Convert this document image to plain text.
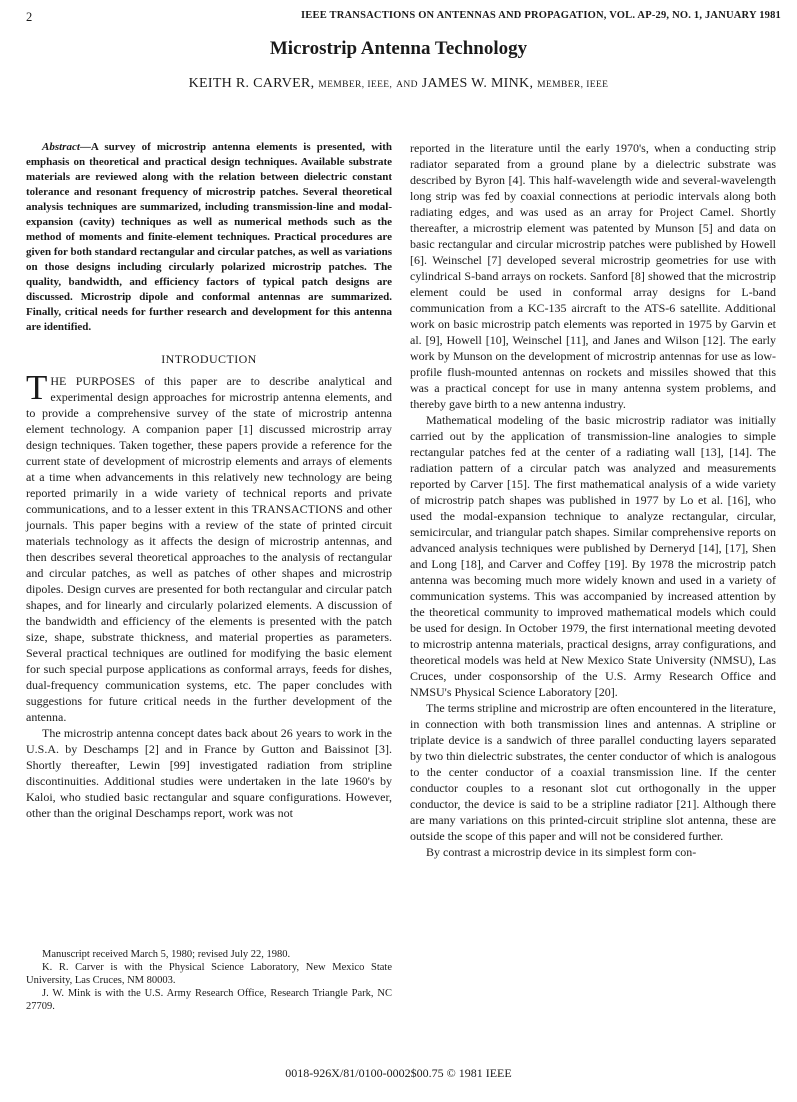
2	IEEE TRANSACTIONS ON ANTENNAS AND PROPAGATION, VOL. AP-29, NO. 1, JANUARY 1981
Microstrip Antenna Technology
KEITH R. CARVER, MEMBER, IEEE, AND JAMES W. MINK, MEMBER, IEEE

Abstract—A survey of microstrip antenna elements is presented, with emphasis on theoretical and practical design techniques. Available substrate materials are reviewed along with the relation between dielectric constant tolerance and resonant frequency of microstrip patches. Several theoretical analysis techniques are summarized, including transmission-line and modal-expansion (cavity) techniques as well as numerical methods such as the method of moments and finite-element techniques. Practical procedures are given for both standard rectangular and circular patches, as well as variations on those designs including circularly polarized microstrip patches. The quality, bandwidth, and efficiency factors of typical patch designs are discussed. Microstrip dipole and conformal antennas are summarized. Finally, critical needs for further research and development for this antenna are identified.

INTRODUCTION

THE PURPOSES of this paper are to describe analytical and experimental design approaches for microstrip antenna elements, and to provide a comprehensive survey of the state of microstrip antenna element technology. A companion paper [1] discussed microstrip array design techniques. Taken together, these papers provide a reference for the current state of development of microstrip elements and arrays of elements at a time when advancements in this relatively new technology are being reported primarily in a wide variety of technical reports and private communications, and to a lesser extent in this TRANSACTIONS and other journals. This paper begins with a review of the state of printed circuit materials technology as it affects the design of microstrip antennas, and then describes several theoretical approaches to the analysis of rectangular and circular patches, as well as patches of other shapes and microstrip dipoles. Design curves are presented for both rectangular and circular patch shapes, and for linearly and circularly polarized elements. A discussion of the bandwidth and efficiency of the elements is presented with the patch size, shape, substrate thickness, and material properties as parameters. Several practical techniques are outlined for modifying the basic element for such special purpose applications as conformal arrays, feeds for dishes, dual-frequency communication systems, etc. The paper concludes with suggestions for future critical needs in the further development of the antenna.

The microstrip antenna concept dates back about 26 years to work in the U.S.A. by Deschamps [2] and in France by Gutton and Baissinot [3]. Shortly thereafter, Lewin [99] investigated radiation from stripline discontinuities. Additional studies were undertaken in the late 1960's by Kaloi, who studied basic rectangular and square configurations. However, other than the original Deschamps report, work was not

reported in the literature until the early 1970's, when a conducting strip radiator separated from a ground plane by a dielectric substrate was described by Byron [4]. This half-wavelength wide and several-wavelength long strip was fed by coaxial connections at periodic intervals along both radiating edges, and was used as an array for Project Camel. Shortly thereafter, a microstrip element was patented by Munson [5] and data on basic rectangular and circular microstrip patches were published by Howell [6]. Weinschel [7] developed several microstrip geometries for use with cylindrical S-band arrays on rockets. Sanford [8] showed that the microstrip element could be used in conformal array designs for L-band communication from a KC-135 aircraft to the ATS-6 satellite. Additional work on basic microstrip patch elements was reported in 1975 by Garvin et al. [9], Howell [10], Weinschel [11], and Janes and Wilson [12]. The early work by Munson on the development of microstrip antennas for use as low-profile flush-mounted antennas on rockets and missiles showed that this was a practical concept for use in many antenna system problems, and thereby gave birth to a new antenna industry.

Mathematical modeling of the basic microstrip radiator was initially carried out by the application of transmission-line analogies to simple rectangular patches fed at the center of a radiating wall [13], [14]. The radiation pattern of a circular patch was analyzed and measurements reported by Carver [15]. The first mathematical analysis of a wide variety of microstrip patch shapes was published in 1977 by Lo et al. [16], who used the modal-expansion technique to analyze rectangular, circular, semicircular, and triangular patch shapes. Similar comprehensive reports on advanced analysis techniques were published by Derneryd [14], [17], Shen and Long [18], and Carver and Coffey [19]. By 1978 the microstrip patch antenna was becoming much more widely known and used in a variety of communication systems. This was accompanied by increased attention by the theoretical community to improved mathematical models which could be used for design. In October 1979, the first international meeting devoted to microstrip antenna materials, practical designs, array configurations, and theoretical models was held at New Mexico State University (NMSU), Las Cruces, under cosponsorship of the U.S. Army Research Office and NMSU's Physical Science Laboratory [20].

The terms stripline and microstrip are often encountered in the literature, in connection with both transmission lines and antennas. A stripline or triplate device is a sandwich of three parallel conducting layers separated by two thin dielectric substrates, the center conductor of which is analogous to the center conductor of a coaxial transmission line. If the center conductor couples to a resonant slot cut orthogonally in the upper conductor, the device is said to be a stripline radiator [21]. Although there are many variations on this printed-circuit stripline slot antenna, these are outside the scope of this paper and will not be considered further.

By contrast a microstrip device in its simplest form con-

Manuscript received March 5, 1980; revised July 22, 1980.
K. R. Carver is with the Physical Science Laboratory, New Mexico State University, Las Cruces, NM 80003.
J. W. Mink is with the U.S. Army Research Office, Research Triangle Park, NC 27709.
0018-926X/81/0100-0002$00.75 © 1981 IEEE
